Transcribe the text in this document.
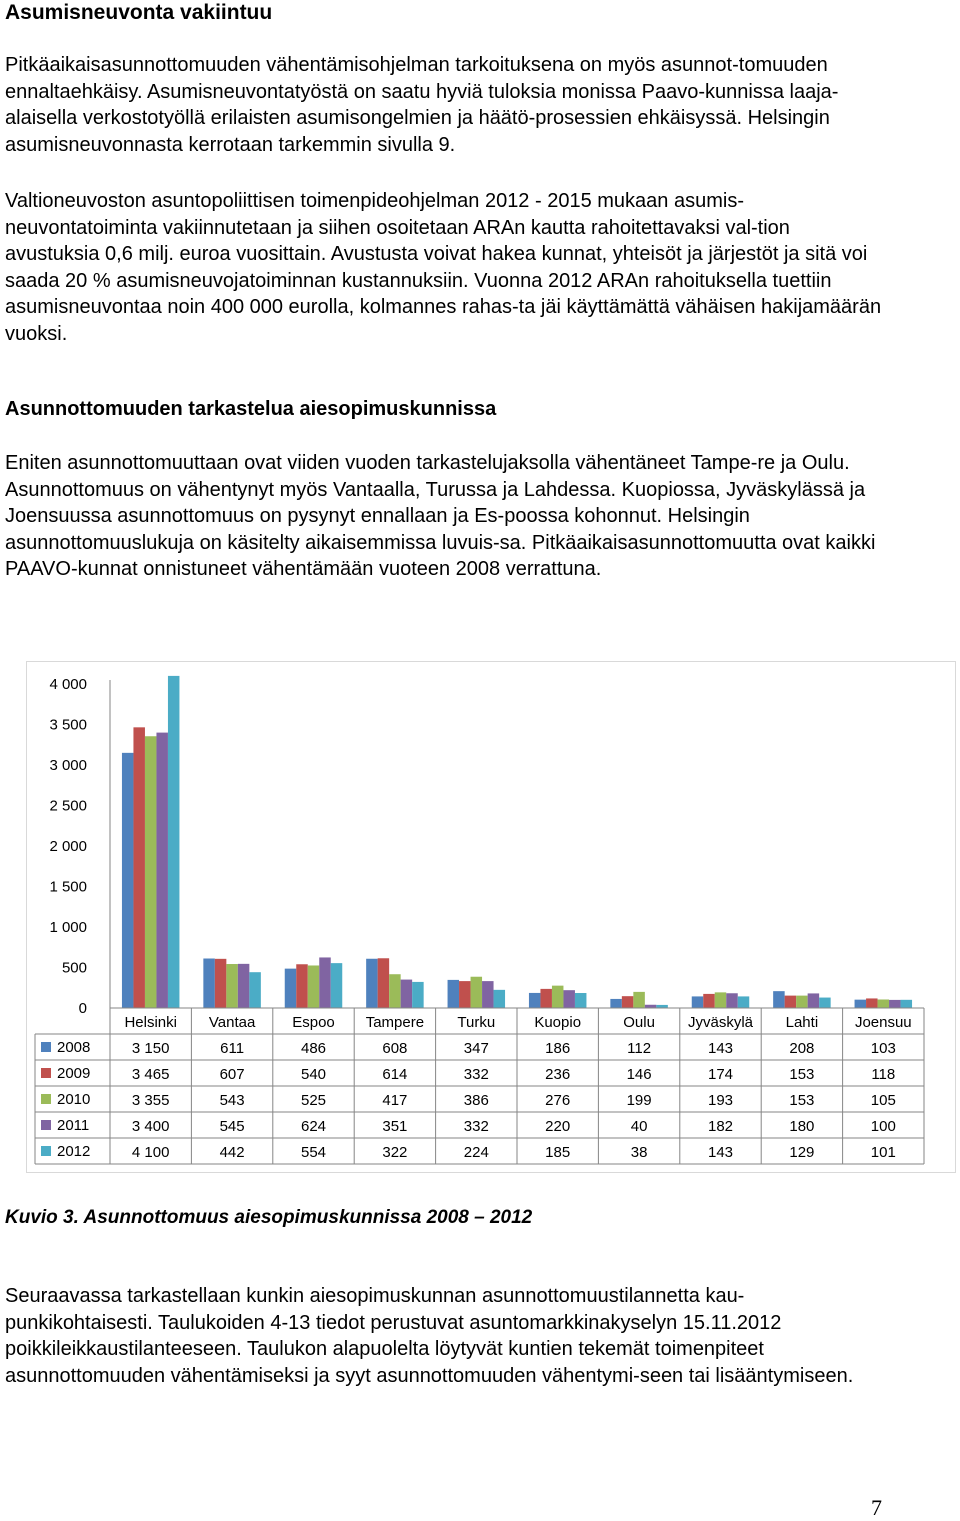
Asumisneuvonta vakiintuu

Pitkäaikaisasunnottomuuden vähentämisohjelman tarkoituksena on myös asunnot-tomuuden ennaltaehkäisy. Asumisneuvontatyöstä on saatu hyviä tuloksia monissa Paavo-kunnissa laaja-alaisella verkostotyöllä erilaisten asumisongelmien ja häätö-prosessien ehkäisyssä. Helsingin asumisneuvonnasta kerrotaan tarkemmin sivulla 9.

Valtioneuvoston asuntopoliittisen toimenpideohjelman 2012 - 2015 mukaan asumis-neuvontatoiminta vakiinnutetaan ja siihen osoitetaan ARAn kautta rahoitettavaksi val-tion avustuksia 0,6 milj. euroa vuosittain. Avustusta voivat hakea kunnat, yhteisöt ja järjestöt ja sitä voi saada 20 % asumisneuvojatoiminnan kustannuksiin. Vuonna 2012 ARAn rahoituksella tuettiin asumisneuvontaa noin 400 000 eurolla, kolmannes rahas-ta jäi käyttämättä vähäisen hakijamäärän vuoksi.

Asunnottomuuden tarkastelua aiesopimuskunnissa

Eniten asunnottomuuttaan ovat viiden vuoden tarkastelujaksolla vähentäneet Tampe-re ja Oulu. Asunnottomuus on vähentynyt myös Vantaalla, Turussa ja Lahdessa. Kuopiossa, Jyväskylässä ja Joensuussa asunnottomuus on pysynyt ennallaan ja Es-poossa kohonnut. Helsingin asunnottomuuslukuja on käsitelty aikaisemmissa luvuis-sa. Pitkäaikaisasunnottomuutta ovat kaikki PAAVO-kunnat onnistuneet vähentämään vuoteen 2008 verrattuna.

Kuvio 3. Asunnottomuus aiesopimuskunnissa 2008 – 2012

Seuraavassa tarkastellaan kunkin aiesopimuskunnan asunnottomuustilannetta kau-punkikohtaisesti. Taulukoiden 4-13 tiedot perustuvat asuntomarkkinakyselyn 15.11.2012 poikkileikkaustilanteeseen. Taulukon alapuolelta löytyvät kuntien tekemät toimenpiteet asunnottomuuden vähentämiseksi ja syyt asunnottomuuden vähentymi-seen tai lisääntymiseen.

7
0
500
1 000
1 500
2 000
2 500
3 000
3 500
4 000
Helsinki Vantaa Espoo Tampere Turku	Kuopio	Oulu Jyväskylä Lahti Joensuu
2008	3 150	611	486	608	347	186	112	143	208	103
2009	3 465	607	540	614	332	236	146	174	153	118
2010	3 355	543	525	417	386	276	199	193	153	105
2011	3 400	545	624	351	332	220	40	182	180	100
2012	4 100	442	554	322	224	185	38	143	129	101
